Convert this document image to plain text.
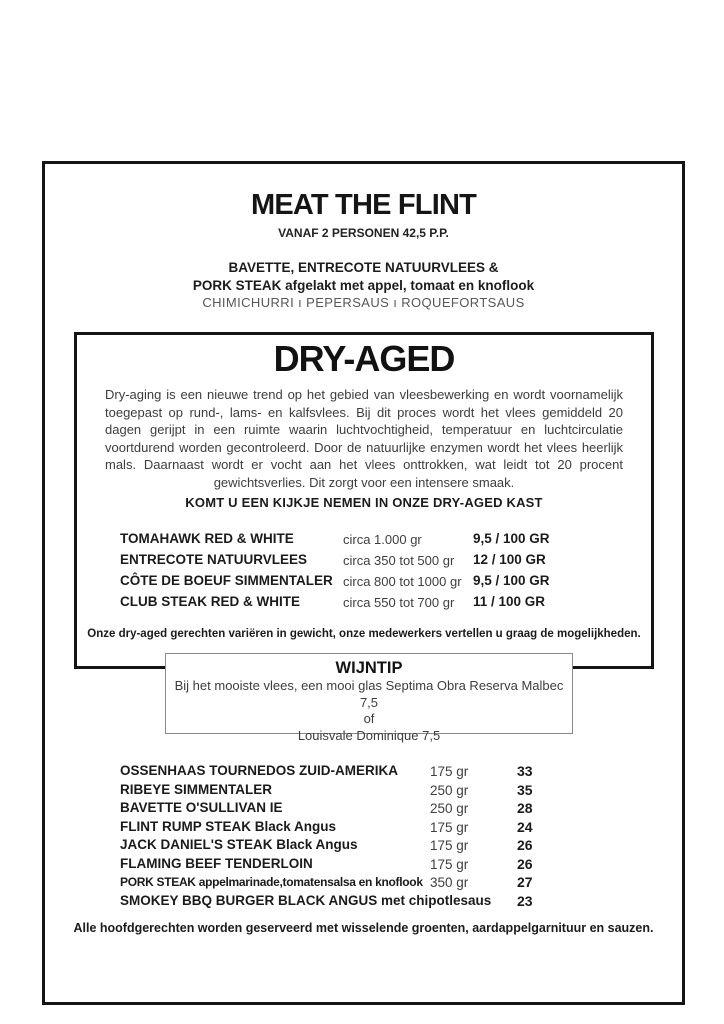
MEAT THE FLINT
VANAF 2 PERSONEN 42,5 P.P.
BAVETTE, ENTRECOTE NATUURVLEES &
PORK STEAK afgelakt met appel, tomaat en knoflook
CHIMICHURRI ı PEPERSAUS ı ROQUEFORTSAUS
DRY-AGED
Dry-aging is een nieuwe trend op het gebied van vleesbewerking en wordt voornamelijk toegepast op rund-, lams- en kalfsvlees. Bij dit proces wordt het vlees gemiddeld 20 dagen gerijpt in een ruimte waarin luchtvochtigheid, temperatuur en luchtcirculatie voortdurend worden gecontroleerd. Door de natuurlijke enzymen wordt het vlees heerlijk mals. Daarnaast wordt er vocht aan het vlees onttrokken, wat leidt tot 20 procent gewichtsverlies. Dit zorgt voor een intensere smaak.
KOMT U EEN KIJKJE NEMEN IN ONZE DRY-AGED KAST
TOMAHAWK RED & WHITE	circa 1.000 gr	9,5 / 100 GR
ENTRECOTE NATUURVLEES	circa 350 tot 500 gr 12 / 100 GR
CÔTE DE BOEUF SIMMENTALER circa 800 tot 1000 gr 9,5 / 100 GR
CLUB STEAK RED & WHITE	circa 550 tot 700 gr 11 / 100 GR
Onze dry-aged gerechten variëren in gewicht, onze medewerkers vertellen u graag de mogelijkheden.
WIJNTIP
Bij het mooiste vlees, een mooi glas Septima Obra Reserva Malbec 7,5
of
Louisvale Dominique 7,5
OSSENHAAS TOURNEDOS ZUID-AMERIKA 175 gr	33
RIBEYE SIMMENTALER	250 gr	35
BAVETTE O'SULLIVAN IE	250 gr	28
FLINT RUMP STEAK Black Angus	175 gr	24
JACK DANIEL'S STEAK Black Angus	175 gr	26
FLAMING BEEF TENDERLOIN	175 gr	26
PORK STEAK appelmarinade,tomatensalsa en knoflook 350 gr	27
SMOKEY BBQ BURGER BLACK ANGUS met chipotlesaus 23
Alle hoofdgerechten worden geserveerd met wisselende groenten, aardappelgarnituur en sauzen.
